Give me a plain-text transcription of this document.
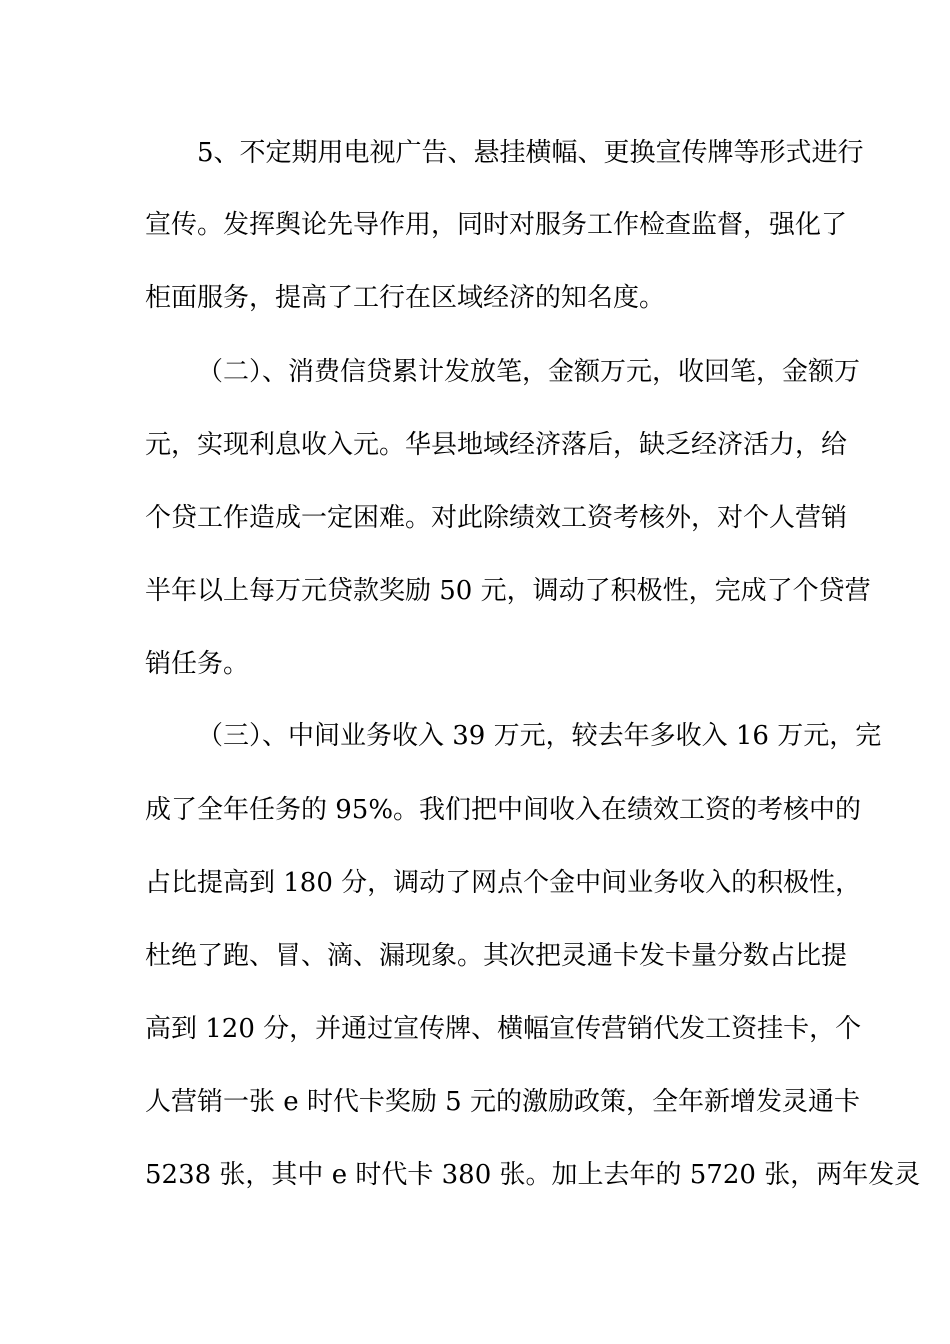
5、不定期用电视广告、悬挂横幅、更换宣传牌等形式进行
宣传。发挥舆论先导作用，同时对服务工作检查监督，强化了
柜面服务，提高了工行在区域经济的知名度。
（二）、消费信贷累计发放笔，金额万元，收回笔，金额万
元，实现利息收入元。华县地域经济落后，缺乏经济活力，给
个贷工作造成一定困难。对此除绩效工资考核外，对个人营销
半年以上每万元贷款奖励 50 元，调动了积极性，完成了个贷营
销任务。
（三）、中间业务收入 39 万元，较去年多收入 16 万元，完
成了全年任务的 95%。我们把中间收入在绩效工资的考核中的
占比提高到 180 分，调动了网点个金中间业务收入的积极性，
杜绝了跑、冒、滴、漏现象。其次把灵通卡发卡量分数占比提
高到 120 分，并通过宣传牌、横幅宣传营销代发工资挂卡，个
人营销一张 e 时代卡奖励 5 元的激励政策，全年新增发灵通卡
5238 张，其中 e 时代卡 380 张。加上去年的 5720 张，两年发灵
